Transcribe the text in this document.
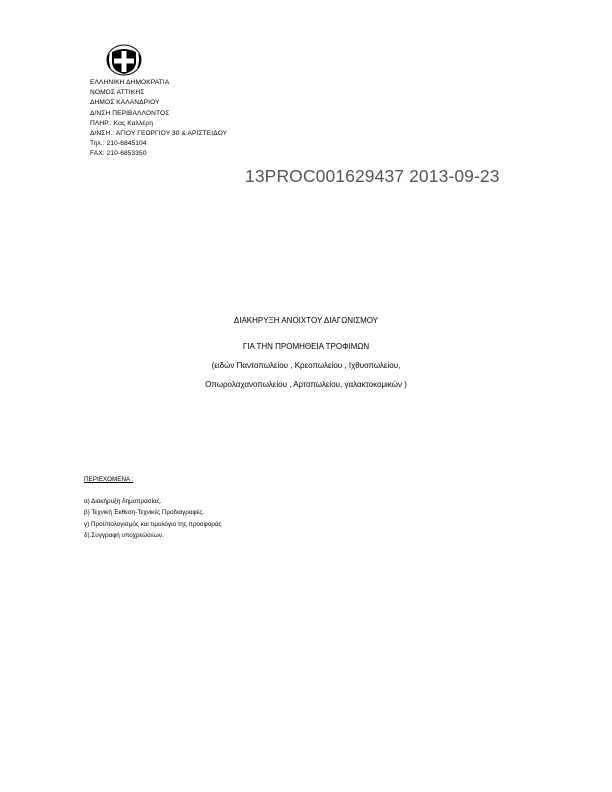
ΕΛΛΗΝΙΚΗ ΔΗΜΟΚΡΑΤΙΑ
ΝΟΜΟΣ ΑΤΤΙΚΗΣ
ΔΗΜΟΣ ΚΑΛΑΝΔΡΙΟΥ
Δ/ΝΣΗ ΠΕΡΙΒΑΛΛΟΝΤΟΣ
ΠΛΗΡ.: Κας Καλλέρη
Δ/ΝΣΗ.: ΑΓΙΟΥ ΓΕΩΡΓΙΟΥ 30 & ΑΡΙΣΤΕΙΔΟΥ
Τηλ.: 210-6845104
FAX: 210-6853350
13PROC001629437 2013-09-23
ΔΙΑΚΗΡΥΞΗ ΑΝΟΙΧΤΟΥ ΔΙΑΓΩΝΙΣΜΟΥ
ΓΙΑ ΤΗΝ ΠΡΟΜΗΘΕΙΑ ΤΡΟΦΙΜΩΝ
(ειδών Παντοπωλείου , Κρεοπωλείου , Ιχθυοπωλείου,
Οπωρολαχανοπωλείου , Αρτοπωλείου, γαλακτοκομικών )
ΠΕΡΙΕΧΟΜΕΝΑ :
α) Διακήρυξη δημοπρασίας.
β) Τεχνική Έκθεση-Τεχνικές Προδιαγραφές.
γ) Προϋπολογισμός και τιμολόγιο της προσφοράς
δ).Συγγραφή υποχρεώσεων.
